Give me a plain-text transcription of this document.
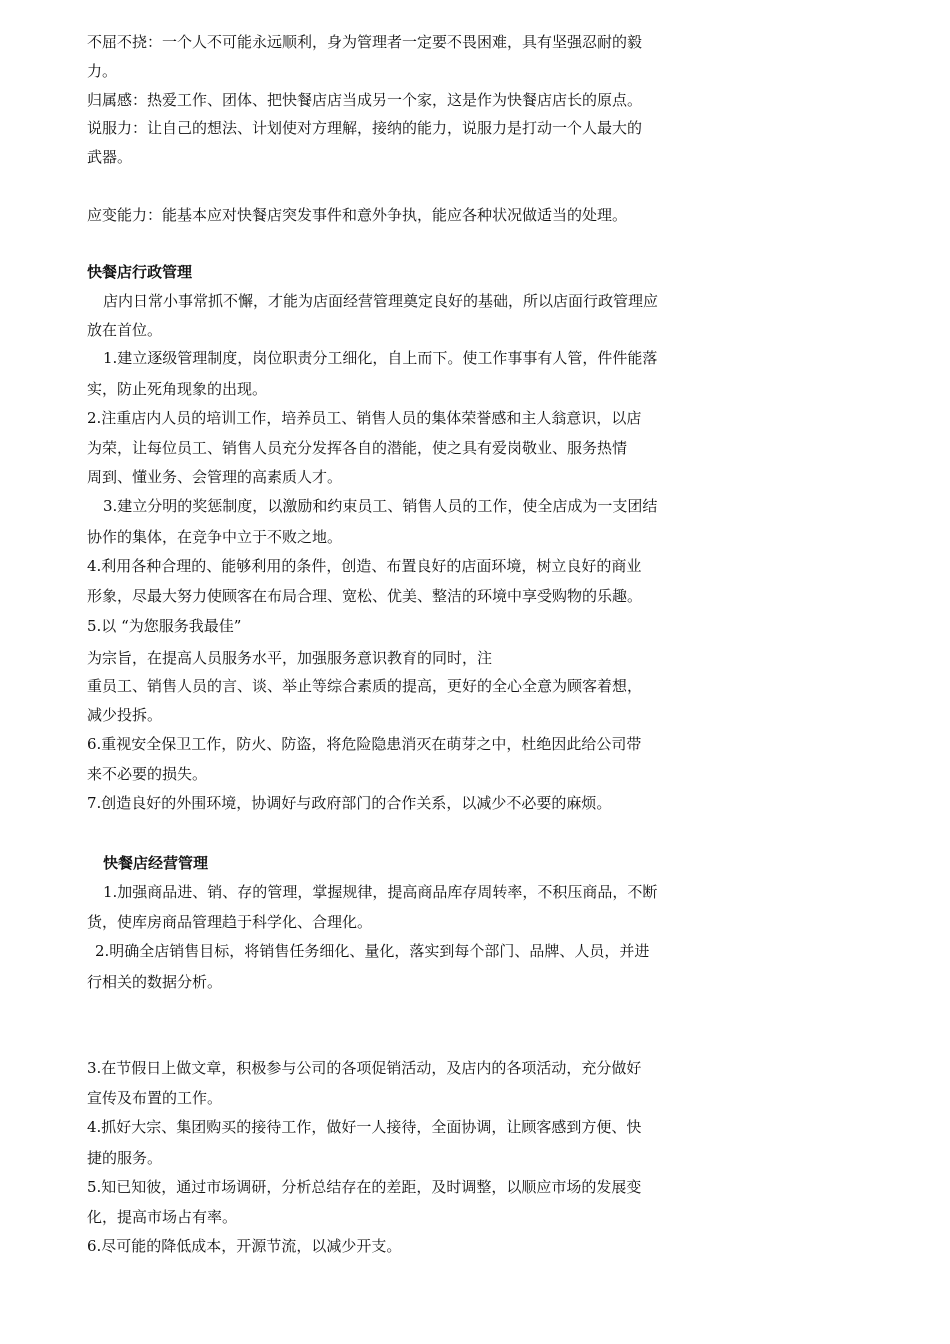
不屈不挠：一个人不可能永远顺利，身为管理者一定要不畏困难，具有坚强忍耐的毅
力。
归属感：热爱工作、团体、把快餐店店当成另一个家，这是作为快餐店店长的原点。
说服力：让自己的想法、计划使对方理解，接纳的能力，说服力是打动一个人最大的
武器。
应变能力：能基本应对快餐店突发事件和意外争执，能应各种状况做适当的处理。
快餐店行政管理
店内日常小事常抓不懈，才能为店面经营管理奠定良好的基础，所以店面行政管理应
放在首位。
1.建立逐级管理制度，岗位职责分工细化，自上而下。使工作事事有人管，件件能落
实，防止死角现象的出现。
2.注重店内人员的培训工作，培养员工、销售人员的集体荣誉感和主人翁意识，以店
为荣，让每位员工、销售人员充分发挥各自的潜能，使之具有爱岗敬业、服务热情
周到、懂业务、会管理的高素质人才。
3.建立分明的奖惩制度，以激励和约束员工、销售人员的工作，使全店成为一支团结
协作的集体，在竞争中立于不败之地。
4.利用各种合理的、能够利用的条件，创造、布置良好的店面环境，树立良好的商业
形象，尽最大努力使顾客在布局合理、宽松、优美、整洁的环境中享受购物的乐趣。
5.以 “为您服务我最佳”
为宗旨，在提高人员服务水平，加强服务意识教育的同时，注
重员工、销售人员的言、谈、举止等综合素质的提高，更好的全心全意为顾客着想，
减少投拆。
6.重视安全保卫工作，防火、防盗，将危险隐患消灭在萌芽之中，杜绝因此给公司带
来不必要的损失。
7.创造良好的外围环境，协调好与政府部门的合作关系，以减少不必要的麻烦。
快餐店经营管理
1.加强商品进、销、存的管理，掌握规律，提高商品库存周转率，不积压商品，不断
货，使库房商品管理趋于科学化、合理化。
2.明确全店销售目标，将销售任务细化、量化，落实到每个部门、品牌、人员，并进
行相关的数据分析。
3.在节假日上做文章，积极参与公司的各项促销活动，及店内的各项活动，充分做好
宣传及布置的工作。
4.抓好大宗、集团购买的接待工作，做好一人接待，全面协调，让顾客感到方便、快
捷的服务。
5.知已知彼，通过市场调研，分析总结存在的差距，及时调整，以顺应市场的发展变
化，提高市场占有率。
6.尽可能的降低成本，开源节流，以减少开支。
